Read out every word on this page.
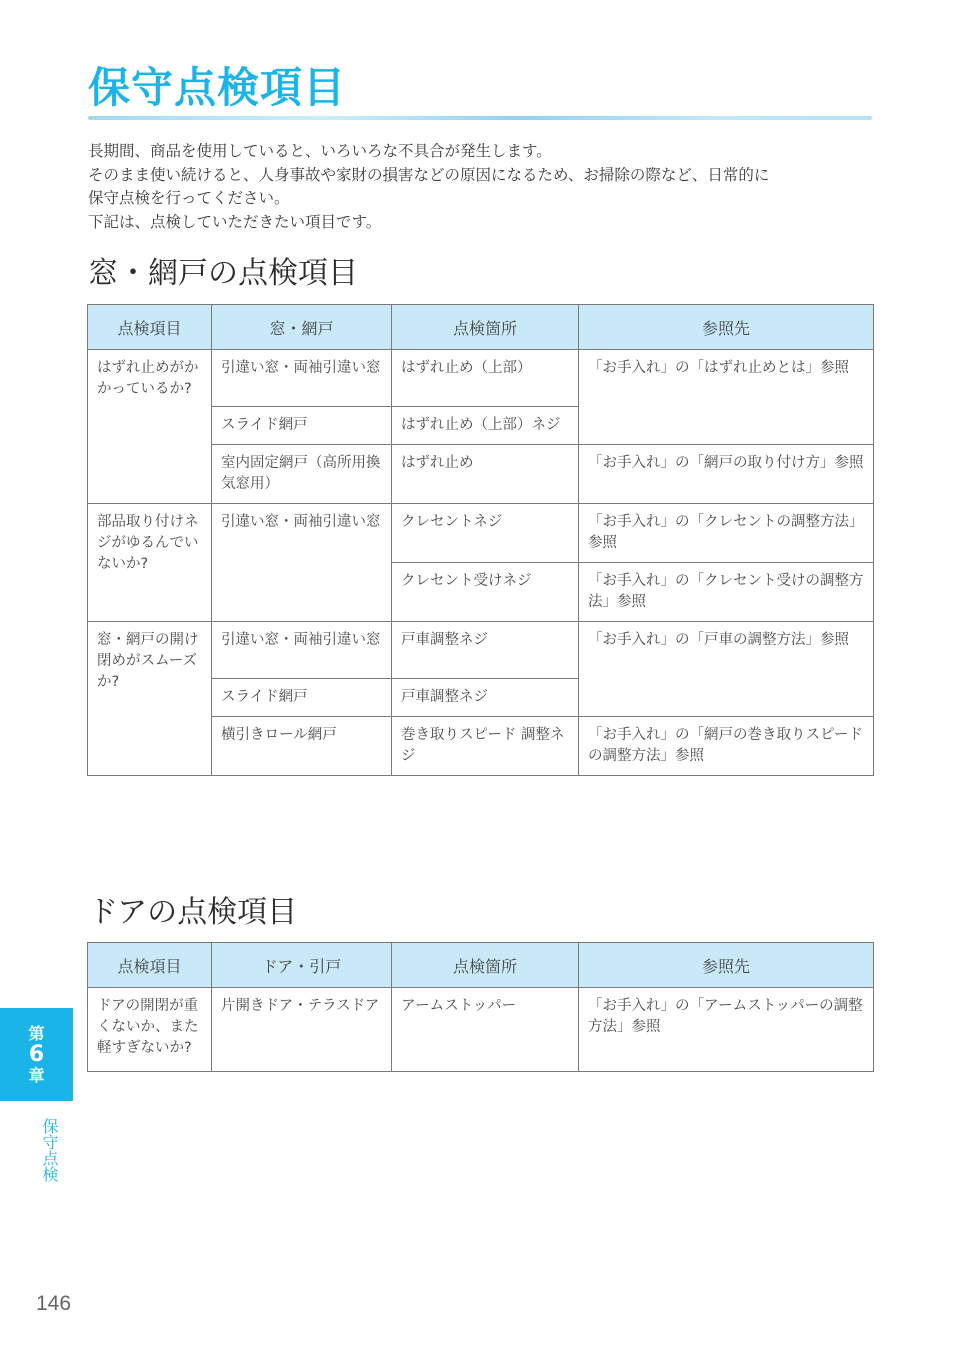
保守点検項目

長期間、商品を使用していると、いろいろな不具合が発生します。

そのまま使い続けると、人身事故や家財の損害などの原因になるため、お掃除の際など、日常的に

保守点検を行ってください。

下記は、点検していただきたい項目です。

窓・網戸の点検項目
点検項目	窓・網戸	点検箇所	参照先
はずれ止めがかかっているか?	引違い窓・両袖引違い窓	はずれ止め（上部）	「お手入れ」の「はずれ止めとは」参照
	スライド網戸	はずれ止め（上部）ネジ	
	室内固定網戸（高所用換気窓用）	はずれ止め	「お手入れ」の「網戸の取り付け方」参照
部品取り付けネジがゆるんでいないか?	引違い窓・両袖引違い窓	クレセントネジ	「お手入れ」の「クレセントの調整方法」参照
		クレセント受けネジ	「お手入れ」の「クレセント受けの調整方法」参照
窓・網戸の開け閉めがスムーズか?	引違い窓・両袖引違い窓	戸車調整ネジ	「お手入れ」の「戸車の調整方法」参照
	スライド網戸	戸車調整ネジ	
	横引きロール網戸	巻き取りスピード 調整ネジ	「お手入れ」の「網戸の巻き取りスピードの調整方法」参照
ドアの点検項目
点検項目	ドア・引戸	点検箇所	参照先
ドアの開閉が重くないか、また軽すぎないか?	片開きドア・テラスドア	アームストッパー	「お手入れ」の「アームストッパーの調整方法」参照
第
6
章
保守点検
146
